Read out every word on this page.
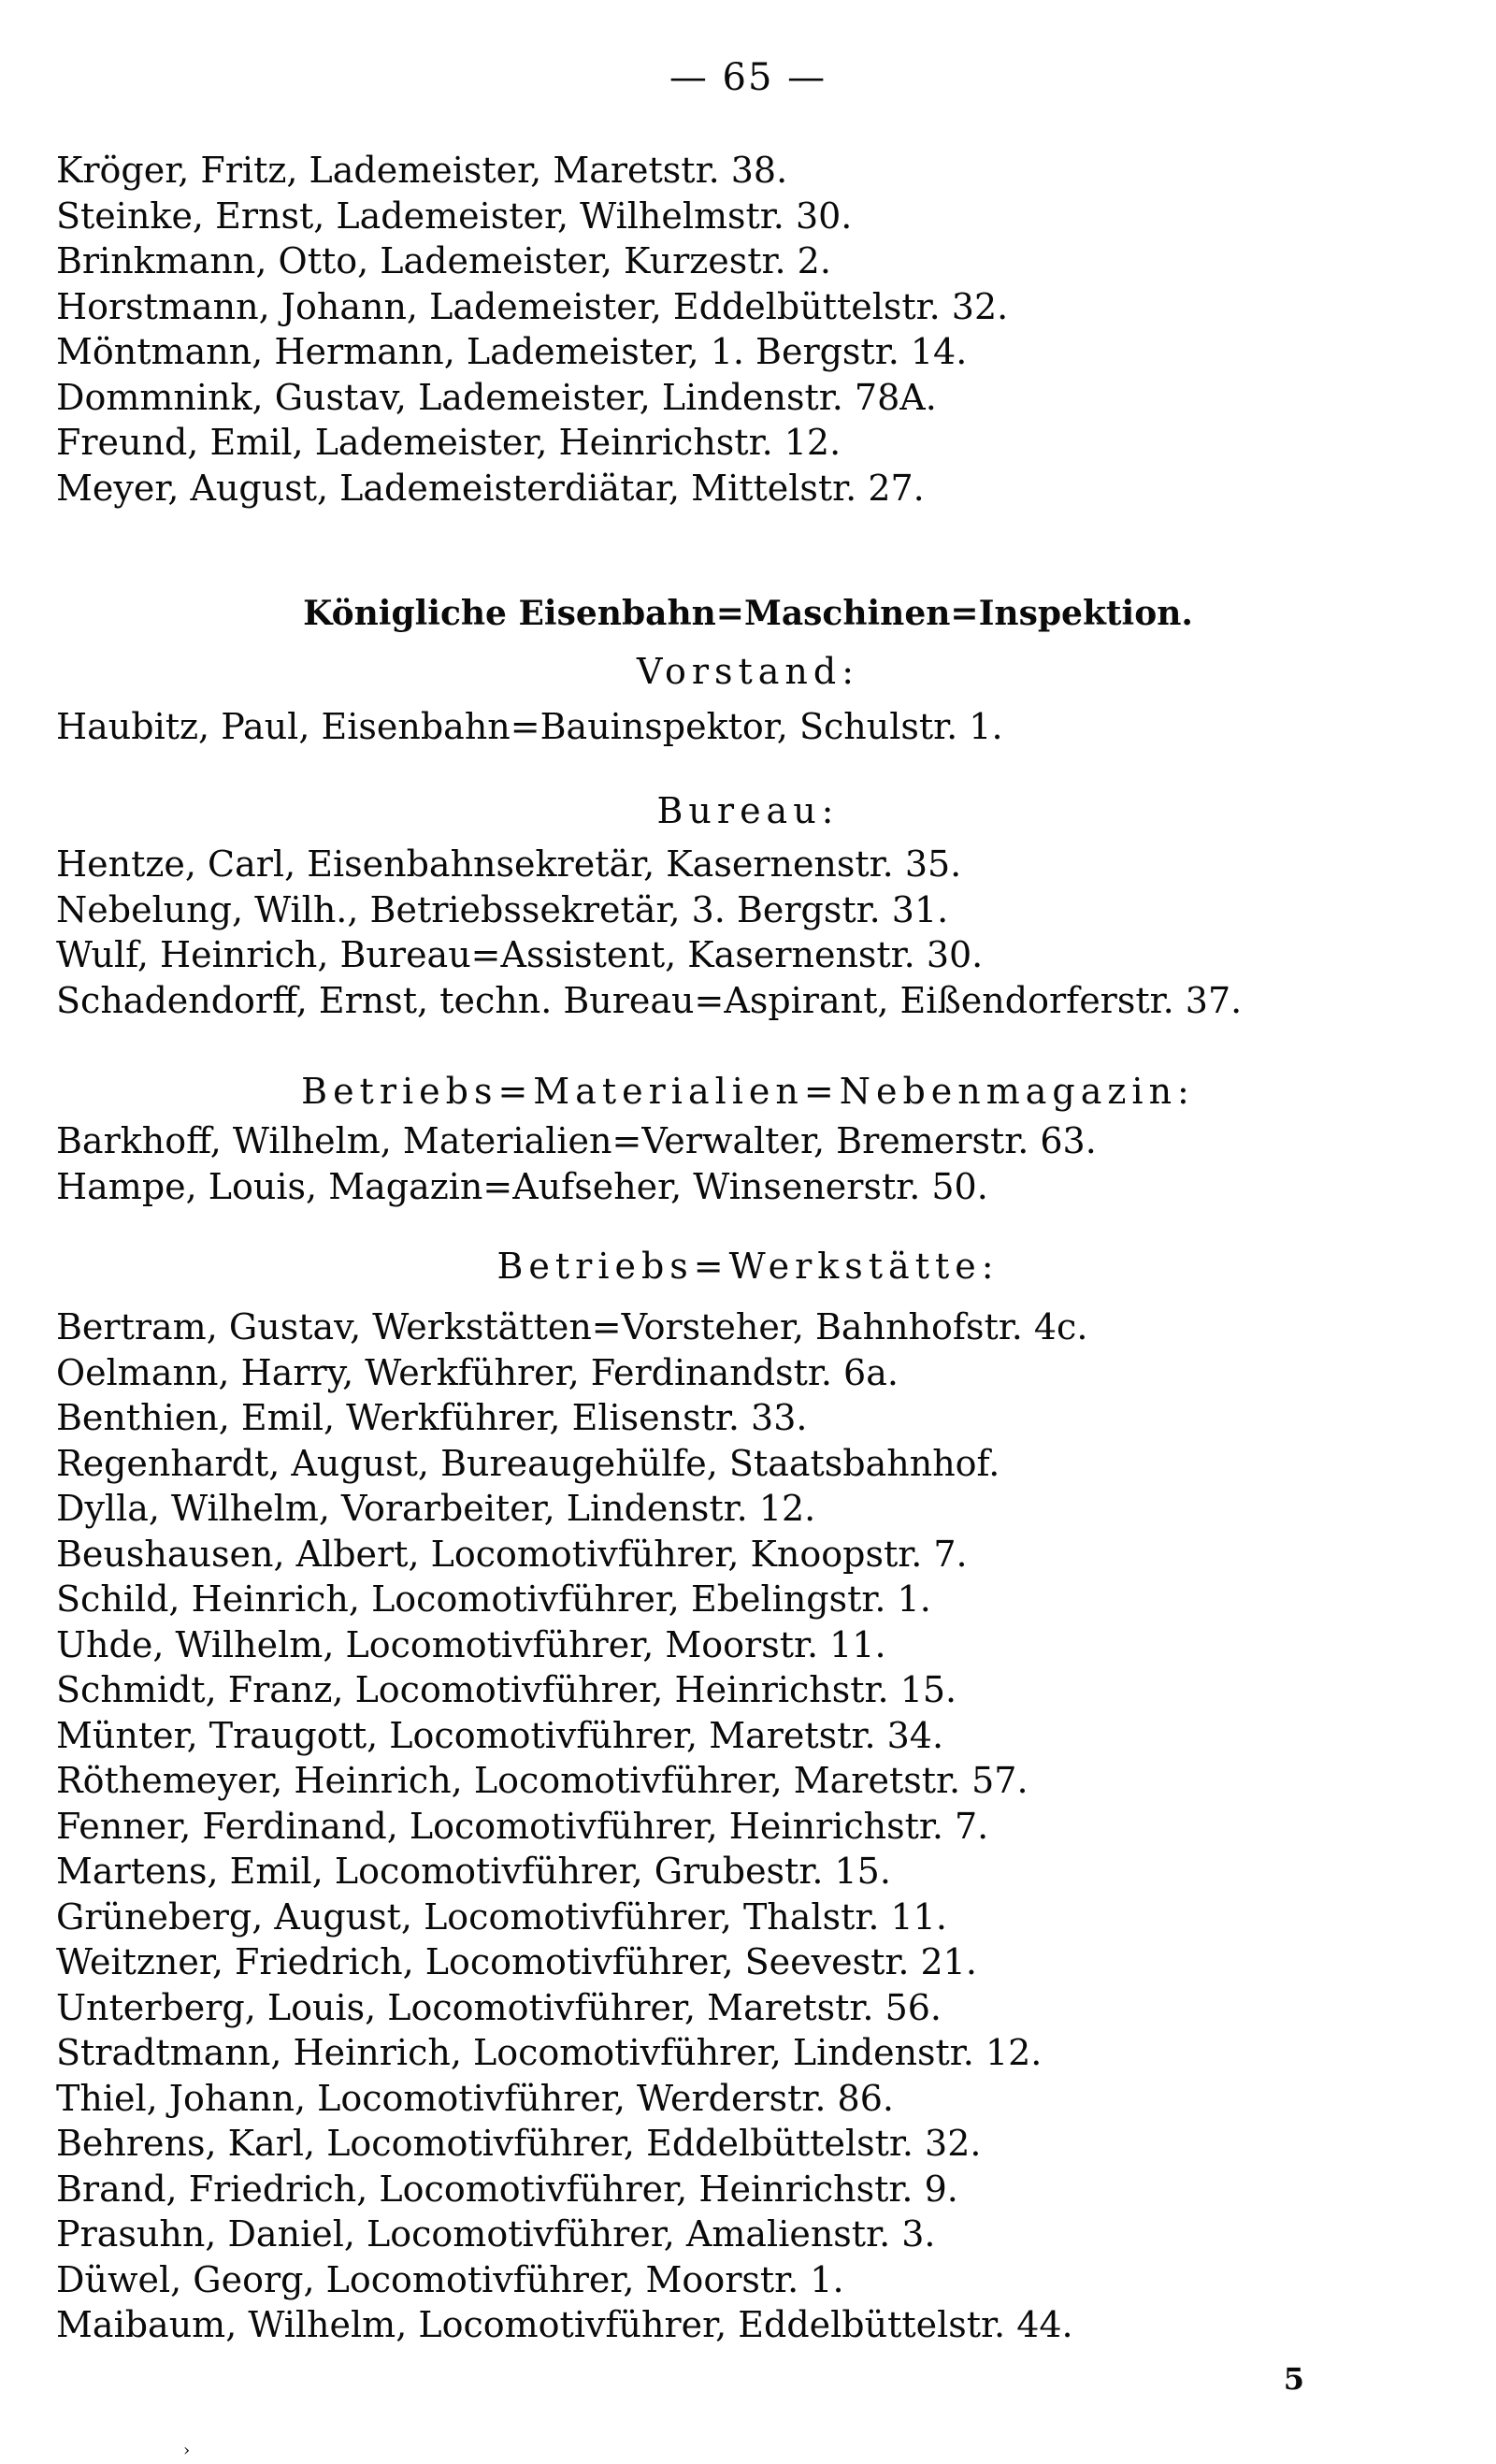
— 65 —
Kröger, Fritz, Lademeister, Maretstr. 38.
Steinke, Ernst, Lademeister, Wilhelmstr. 30.
Brinkmann, Otto, Lademeister, Kurzestr. 2.
Horstmann, Johann, Lademeister, Eddelbüttelstr. 32.
Möntmann, Hermann, Lademeister, 1. Bergstr. 14.
Dommnink, Gustav, Lademeister, Lindenstr. 78A.
Freund, Emil, Lademeister, Heinrichstr. 12.
Meyer, August, Lademeisterdiätar, Mittelstr. 27.
Königliche Eisenbahn=Maschinen=Inspektion.
Vorstand:
Haubitz, Paul, Eisenbahn=Bauinspektor, Schulstr. 1.
Bureau:
Hentze, Carl, Eisenbahnsekretär, Kasernenstr. 35.
Nebelung, Wilh., Betriebssekretär, 3. Bergstr. 31.
Wulf, Heinrich, Bureau=Assistent, Kasernenstr. 30.
Schadendorff, Ernst, techn. Bureau=Aspirant, Eißendorferstr. 37.
Betriebs=Materialien=Nebenmagazin:
Barkhoff, Wilhelm, Materialien=Verwalter, Bremerstr. 63.
Hampe, Louis, Magazin=Aufseher, Winsenerstr. 50.
Betriebs=Werkstätte:
Bertram, Gustav, Werkstätten=Vorsteher, Bahnhofstr. 4c.
Oelmann, Harry, Werkführer, Ferdinandstr. 6a.
Benthien, Emil, Werkführer, Elisenstr. 33.
Regenhardt, August, Bureaugehülfe, Staatsbahnhof.
Dylla, Wilhelm, Vorarbeiter, Lindenstr. 12.
Beushausen, Albert, Locomotivführer, Knoopstr. 7.
Schild, Heinrich, Locomotivführer, Ebelingstr. 1.
Uhde, Wilhelm, Locomotivführer, Moorstr. 11.
Schmidt, Franz, Locomotivführer, Heinrichstr. 15.
Münter, Traugott, Locomotivführer, Maretstr. 34.
Röthemeyer, Heinrich, Locomotivführer, Maretstr. 57.
Fenner, Ferdinand, Locomotivführer, Heinrichstr. 7.
Martens, Emil, Locomotivführer, Grubestr. 15.
Grüneberg, August, Locomotivführer, Thalstr. 11.
Weitzner, Friedrich, Locomotivführer, Seevestr. 21.
Unterberg, Louis, Locomotivführer, Maretstr. 56.
Stradtmann, Heinrich, Locomotivführer, Lindenstr. 12.
Thiel, Johann, Locomotivführer, Werderstr. 86.
Behrens, Karl, Locomotivführer, Eddelbüttelstr. 32.
Brand, Friedrich, Locomotivführer, Heinrichstr. 9.
Prasuhn, Daniel, Locomotivführer, Amalienstr. 3.
Düwel, Georg, Locomotivführer, Moorstr. 1.
Maibaum, Wilhelm, Locomotivführer, Eddelbüttelstr. 44.
5
›
